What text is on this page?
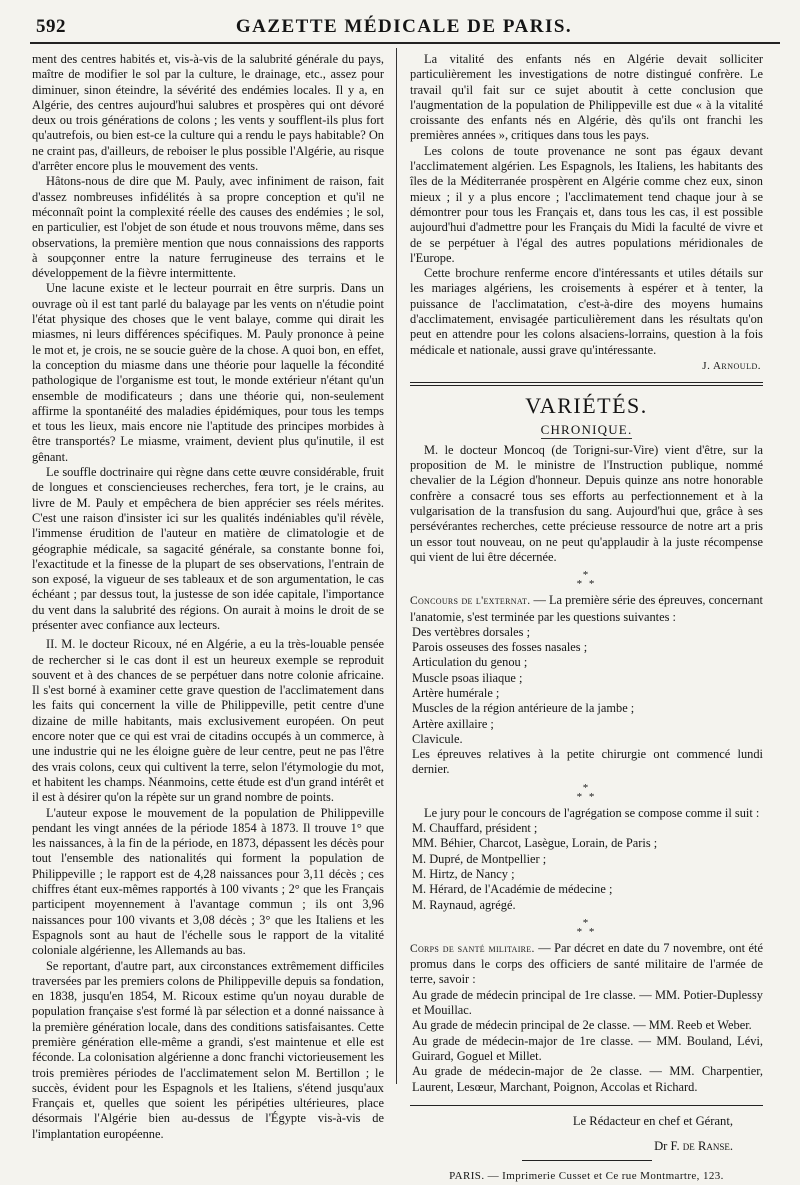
592	GAZETTE MÉDICALE DE PARIS.

ment des centres habités et, vis-à-vis de la salubrité générale du pays, maître de modifier le sol par la culture, le drainage, etc., assez pour diminuer, sinon éteindre, la sévérité des endémies locales. Il y a, en Algérie, des centres aujourd'hui salubres et prospères qui ont dévoré deux ou trois générations de colons ; les vents y soufflent-ils plus fort qu'autrefois, ou bien est-ce la culture qui a rendu le pays habitable? On ne craint pas, d'ailleurs, de reboiser le plus possible l'Algérie, au risque d'arrêter encore plus le mouvement des vents.

Hâtons-nous de dire que M. Pauly, avec infiniment de raison, fait d'assez nombreuses infidélités à sa propre conception et qu'il ne méconnaît point la complexité réelle des causes des endémies ; le sol, en particulier, est l'objet de son étude et nous trouvons même, dans ses observations, la première mention que nous connaissions des rapports à soupçonner entre la nature ferrugineuse des terrains et le développement de la fièvre intermittente.

Une lacune existe et le lecteur pourrait en être surpris. Dans un ouvrage où il est tant parlé du balayage par les vents on n'étudie point l'état physique des choses que le vent balaye, comme qui dirait les miasmes, ni leurs différences spécifiques. M. Pauly prononce à peine le mot et, je crois, ne se soucie guère de la chose. A quoi bon, en effet, la conception du miasme dans une théorie pour laquelle la fécondité pathologique de l'organisme est tout, le monde extérieur n'étant qu'un ensemble de modificateurs ; dans une théorie qui, non-seulement affirme la spontanéité des maladies épidémiques, pour tous les temps et tous les lieux, mais encore nie l'aptitude des principes morbides à être transportés? Le miasme, vraiment, devient plus qu'inutile, il est gênant.

Le souffle doctrinaire qui règne dans cette œuvre considérable, fruit de longues et consciencieuses recherches, fera tort, je le crains, au livre de M. Pauly et empêchera de bien apprécier ses réels mérites. C'est une raison d'insister ici sur les qualités indéniables qu'il révèle, l'immense érudition de l'auteur en matière de climatologie et de géographie médicale, sa sagacité générale, sa constante bonne foi, l'exactitude et la finesse de la plupart de ses observations, l'entrain de son exposé, la vigueur de ses tableaux et de son argumentation, le cas échéant ; par dessus tout, la justesse de son idée capitale, l'importance du vent dans la salubrité des régions. On aurait à moins le droit de se présenter avec confiance aux lecteurs.

II. M. le docteur Ricoux, né en Algérie, a eu la très-louable pensée de rechercher si le cas dont il est un heureux exemple se reproduit souvent et à des chances de se perpétuer dans notre colonie africaine. Il s'est borné à examiner cette grave question de l'acclimatement dans les faits qui concernent la ville de Philippeville, petit centre d'une dizaine de mille habitants, mais exclusivement européen. On peut encore noter que ce qui est vrai de citadins occupés à un commerce, à une industrie qui ne les éloigne guère de leur centre, peut ne pas l'être des vrais colons, ceux qui cultivent la terre, selon l'étymologie du mot, et habitent les champs. Néanmoins, cette étude est d'un grand intérêt et il est à désirer qu'on la répète sur un grand nombre de points.

L'auteur expose le mouvement de la population de Philippeville pendant les vingt années de la période 1854 à 1873. Il trouve 1° que les naissances, à la fin de la période, en 1873, dépassent les décès pour tout l'ensemble des nationalités qui forment la population de Philippeville ; le rapport est de 4,28 naissances pour 3,11 décès ; ces chiffres étant eux-mêmes rapportés à 100 vivants ; 2° que les Français participent moyennement à l'avantage commun ; ils ont 3,96 naissances pour 100 vivants et 3,08 décès ; 3° que les Italiens et les Espagnols sont au haut de l'échelle sous le rapport de la vitalité coloniale algérienne, les Allemands au bas.

Se reportant, d'autre part, aux circonstances extrêmement difficiles traversées par les premiers colons de Philippeville depuis sa fondation, en 1838, jusqu'en 1854, M. Ricoux estime qu'un noyau durable de population française s'est formé là par sélection et a donné naissance à la première génération locale, dans des conditions satisfaisantes. Cette première génération elle-même a grandi, s'est maintenue et elle est féconde. La colonisation algérienne a donc franchi victorieusement les trois premières périodes de l'acclimatement selon M. Bertillon ; le succès, évident pour les Espagnols et les Italiens, s'étend jusqu'aux Français et, quelles que soient les péripéties ultérieures, place désormais l'Algérie bien au-dessus de l'Égypte vis-à-vis de l'implantation européenne.

La vitalité des enfants nés en Algérie devait solliciter particulièrement les investigations de notre distingué confrère. Le travail qu'il fait sur ce sujet aboutit à cette conclusion que l'augmentation de la population de Philippeville est due « à la vitalité croissante des enfants nés en Algérie, dès qu'ils ont franchi les premières années », critiques dans tous les pays.

Les colons de toute provenance ne sont pas égaux devant l'acclimatement algérien. Les Espagnols, les Italiens, les habitants des îles de la Méditerranée prospèrent en Algérie comme chez eux, sinon mieux ; il y a plus encore ; l'acclimatement tend chaque jour à se démontrer pour tous les Français et, dans tous les cas, il est possible aujourd'hui d'admettre pour les Français du Midi la faculté de vivre et de se perpétuer à l'égal des autres populations méridionales de l'Europe.

Cette brochure renferme encore d'intéressants et utiles détails sur les mariages algériens, les croisements à espérer et à tenter, la puissance de l'acclimatation, c'est-à-dire des moyens humains d'acclimatement, envisagée particulièrement dans les résultats qu'on peut en attendre pour les colons alsaciens-lorrains, question à la fois médicale et nationale, aussi grave qu'intéressante.

J. Arnould.
VARIÉTÉS.
CHRONIQUE.

M. le docteur Moncoq (de Torigni-sur-Vire) vient d'être, sur la proposition de M. le ministre de l'Instruction publique, nommé chevalier de la Légion d'honneur. Depuis quinze ans notre honorable confrère a consacré tous ses efforts au perfectionnement et à la vulgarisation de la transfusion du sang. Aujourd'hui que, grâce à ses persévérantes recherches, cette précieuse ressource de notre art a pris un essor tout nouveau, on ne peut qu'applaudir à la juste récompense qui vient de lui être décernée.

*
* *

Concours de l'externat. — La première série des épreuves, concernant l'anatomie, s'est terminée par les questions suivantes :

Des vertèbres dorsales ;

Parois osseuses des fosses nasales ;

Articulation du genou ;

Muscle psoas iliaque ;

Artère humérale ;

Muscles de la région antérieure de la jambe ;

Artère axillaire ;

Clavicule.

Les épreuves relatives à la petite chirurgie ont commencé lundi dernier.

*
* *

Le jury pour le concours de l'agrégation se compose comme il suit :

M. Chauffard, président ;

MM. Béhier, Charcot, Lasègue, Lorain, de Paris ;

M. Dupré, de Montpellier ;

M. Hirtz, de Nancy ;

M. Hérard, de l'Académie de médecine ;

M. Raynaud, agrégé.

*
* *

Corps de santé militaire. — Par décret en date du 7 novembre, ont été promus dans le corps des officiers de santé militaire de l'armée de terre, savoir :

Au grade de médecin principal de 1re classe. — MM. Potier-Duplessy et Mouillac.

Au grade de médecin principal de 2e classe. — MM. Reeb et Weber.

Au grade de médecin-major de 1re classe. — MM. Bouland, Lévi, Guirard, Goguel et Millet.

Au grade de médecin-major de 2e classe. — MM. Charpentier, Laurent, Lesœur, Marchant, Poignon, Accolas et Richard.

Le Rédacteur en chef et Gérant,
Dr F. de Ranse.
PARIS. — Imprimerie Cusset et Ce rue Montmartre, 123.
